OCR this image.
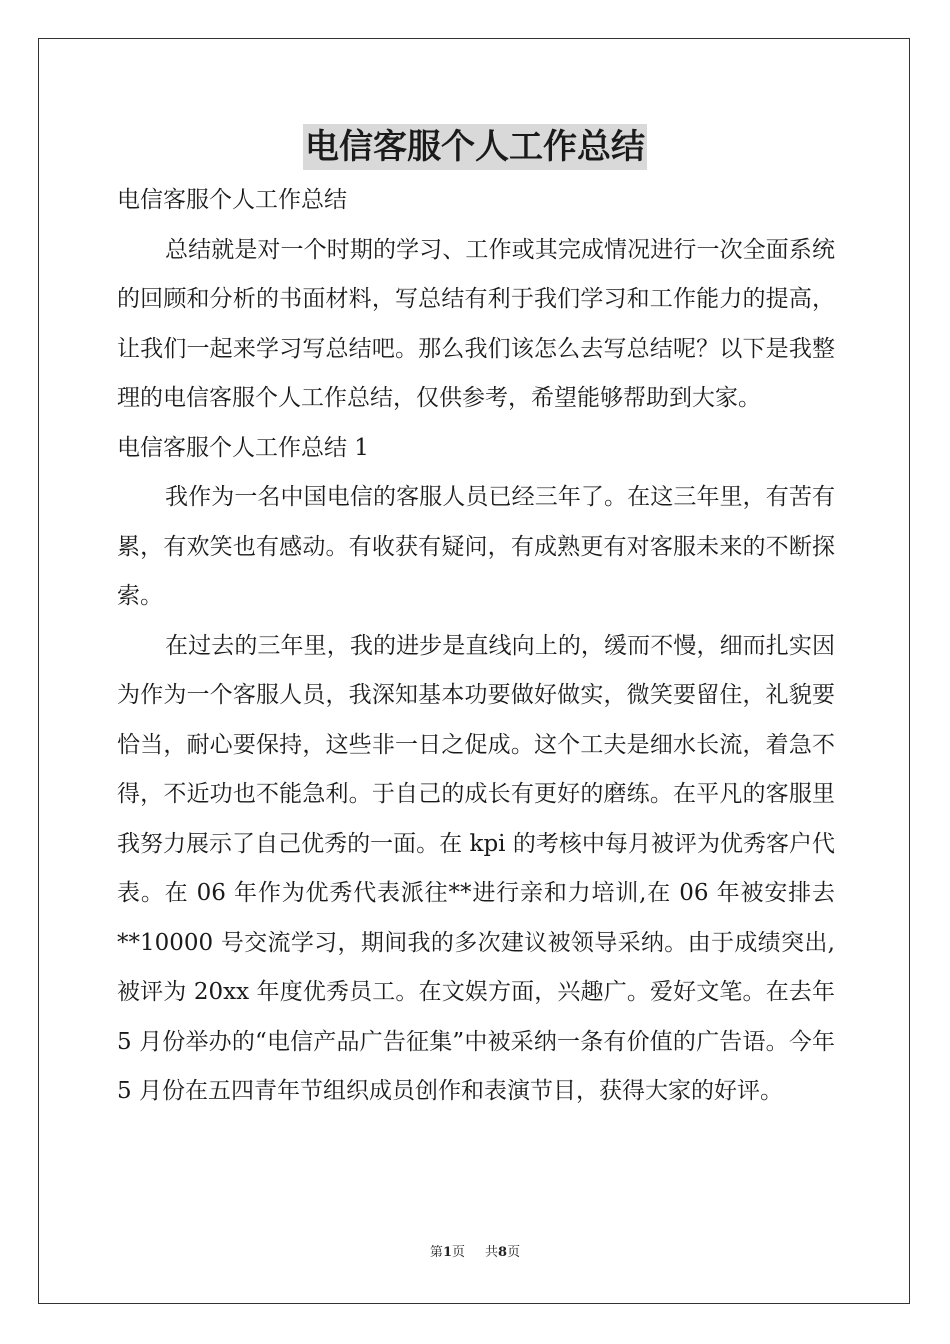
电信客服个人工作总结

电信客服个人工作总结

总结就是对一个时期的学习、工作或其完成情况进行一次全面系统的回顾和分析的书面材料，写总结有利于我们学习和工作能力的提高，让我们一起来学习写总结吧。那么我们该怎么去写总结呢？以下是我整理的电信客服个人工作总结，仅供参考，希望能够帮助到大家。

电信客服个人工作总结 1

我作为一名中国电信的客服人员已经三年了。在这三年里，有苦有累，有欢笑也有感动。有收获有疑问，有成熟更有对客服未来的不断探索。

在过去的三年里，我的进步是直线向上的，缓而不慢，细而扎实因为作为一个客服人员，我深知基本功要做好做实，微笑要留住，礼貌要恰当，耐心要保持，这些非一日之促成。这个工夫是细水长流，着急不得，不近功也不能急利。于自己的成长有更好的磨练。在平凡的客服里我努力展示了自己优秀的一面。在 kpi 的考核中每月被评为优秀客户代表。在 06 年作为优秀代表派往**进行亲和力培训,在 06 年被安排去**10000 号交流学习，期间我的多次建议被领导采纳。由于成绩突出,被评为 20xx 年度优秀员工。在文娱方面，兴趣广。爱好文笔。在去年 5 月份举办的“电信产品广告征集”中被采纳一条有价值的广告语。今年 5 月份在五四青年节组织成员创作和表演节目，获得大家的好评。

第1页 共8页
